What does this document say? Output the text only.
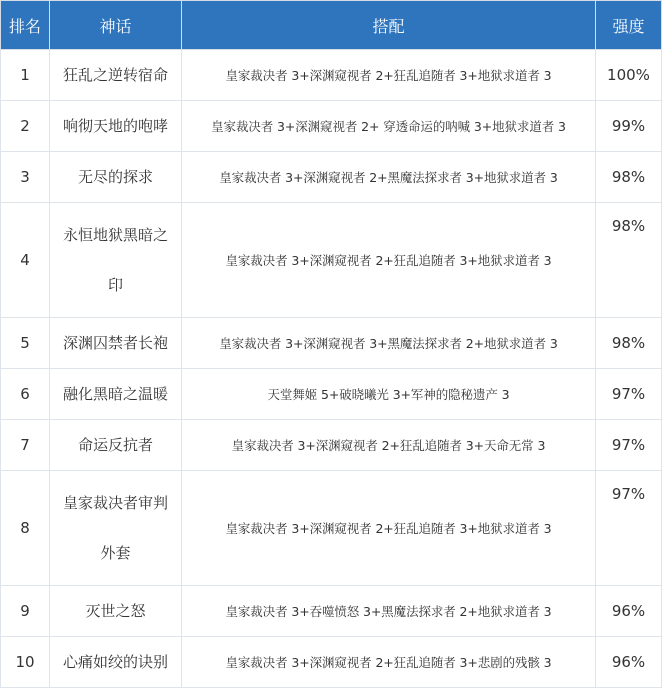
排名	神话	搭配	强度
1	狂乱之逆转宿命	皇家裁决者 3+深渊窥视者 2+狂乱追随者 3+地狱求道者 3	100%
2	响彻天地的咆哮	皇家裁决者 3+深渊窥视者 2+ 穿透命运的呐喊 3+地狱求道者 3	99%
3	无尽的探求	皇家裁决者 3+深渊窥视者 2+黑魔法探求者 3+地狱求道者 3	98%
4	永恒地狱黑暗之印	皇家裁决者 3+深渊窥视者 2+狂乱追随者 3+地狱求道者 3	98%
5	深渊囚禁者长袍	皇家裁决者 3+深渊窥视者 3+黑魔法探求者 2+地狱求道者 3	98%
6	融化黑暗之温暖	天堂舞姬 5+破晓曦光 3+军神的隐秘遗产 3	97%
7	命运反抗者	皇家裁决者 3+深渊窥视者 2+狂乱追随者 3+天命无常 3	97%
8	皇家裁决者审判外套	皇家裁决者 3+深渊窥视者 2+狂乱追随者 3+地狱求道者 3	97%
9	灭世之怒	皇家裁决者 3+吞噬愤怒 3+黑魔法探求者 2+地狱求道者 3	96%
10	心痛如绞的诀别	皇家裁决者 3+深渊窥视者 2+狂乱追随者 3+悲剧的残骸 3	96%
